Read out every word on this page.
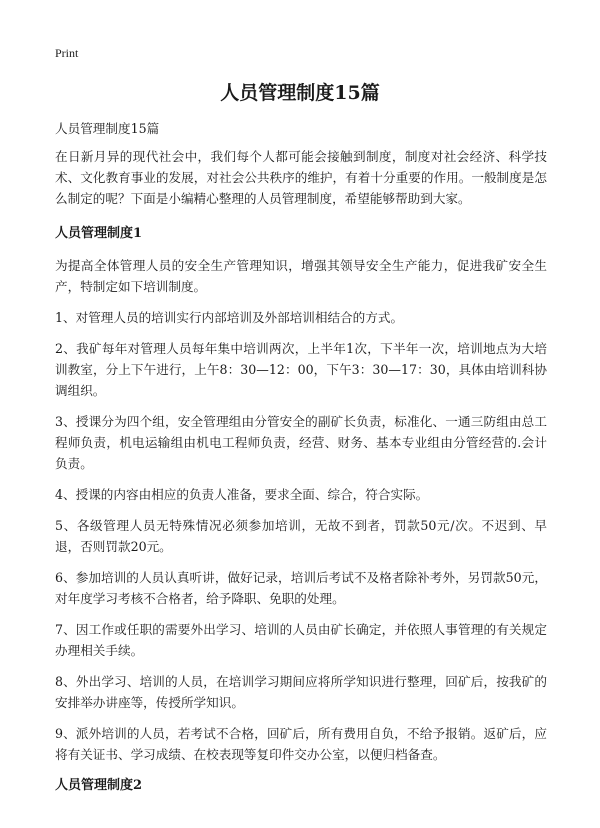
Print
人员管理制度15篇

人员管理制度15篇

在日新月异的现代社会中，我们每个人都可能会接触到制度，制度对社会经济、科学技术、文化教育事业的发展，对社会公共秩序的维护，有着十分重要的作用。一般制度是怎么制定的呢？下面是小编精心整理的人员管理制度，希望能够帮助到大家。

人员管理制度1

为提高全体管理人员的安全生产管理知识，增强其领导安全生产能力，促进我矿安全生产，特制定如下培训制度。

1、对管理人员的培训实行内部培训及外部培训相结合的方式。

2、我矿每年对管理人员每年集中培训两次，上半年1次，下半年一次，培训地点为大培训教室，分上下午进行，上午8：30—12：00，下午3：30—17：30，具体由培训科协调组织。

3、授课分为四个组，安全管理组由分管安全的副矿长负责，标准化、一通三防组由总工程师负责，机电运输组由机电工程师负责，经营、财务、基本专业组由分管经营的.会计负责。

4、授课的内容由相应的负责人准备，要求全面、综合，符合实际。

5、各级管理人员无特殊情况必须参加培训，无故不到者，罚款50元/次。不迟到、早退，否则罚款20元。

6、参加培训的人员认真听讲，做好记录，培训后考试不及格者除补考外，另罚款50元，对年度学习考核不合格者，给予降职、免职的处理。

7、因工作或任职的需要外出学习、培训的人员由矿长确定，并依照人事管理的有关规定办理相关手续。

8、外出学习、培训的人员，在培训学习期间应将所学知识进行整理，回矿后，按我矿的安排举办讲座等，传授所学知识。

9、派外培训的人员，若考试不合格，回矿后，所有费用自负，不给予报销。返矿后，应将有关证书、学习成绩、在校表现等复印件交办公室，以便归档备查。

人员管理制度2
